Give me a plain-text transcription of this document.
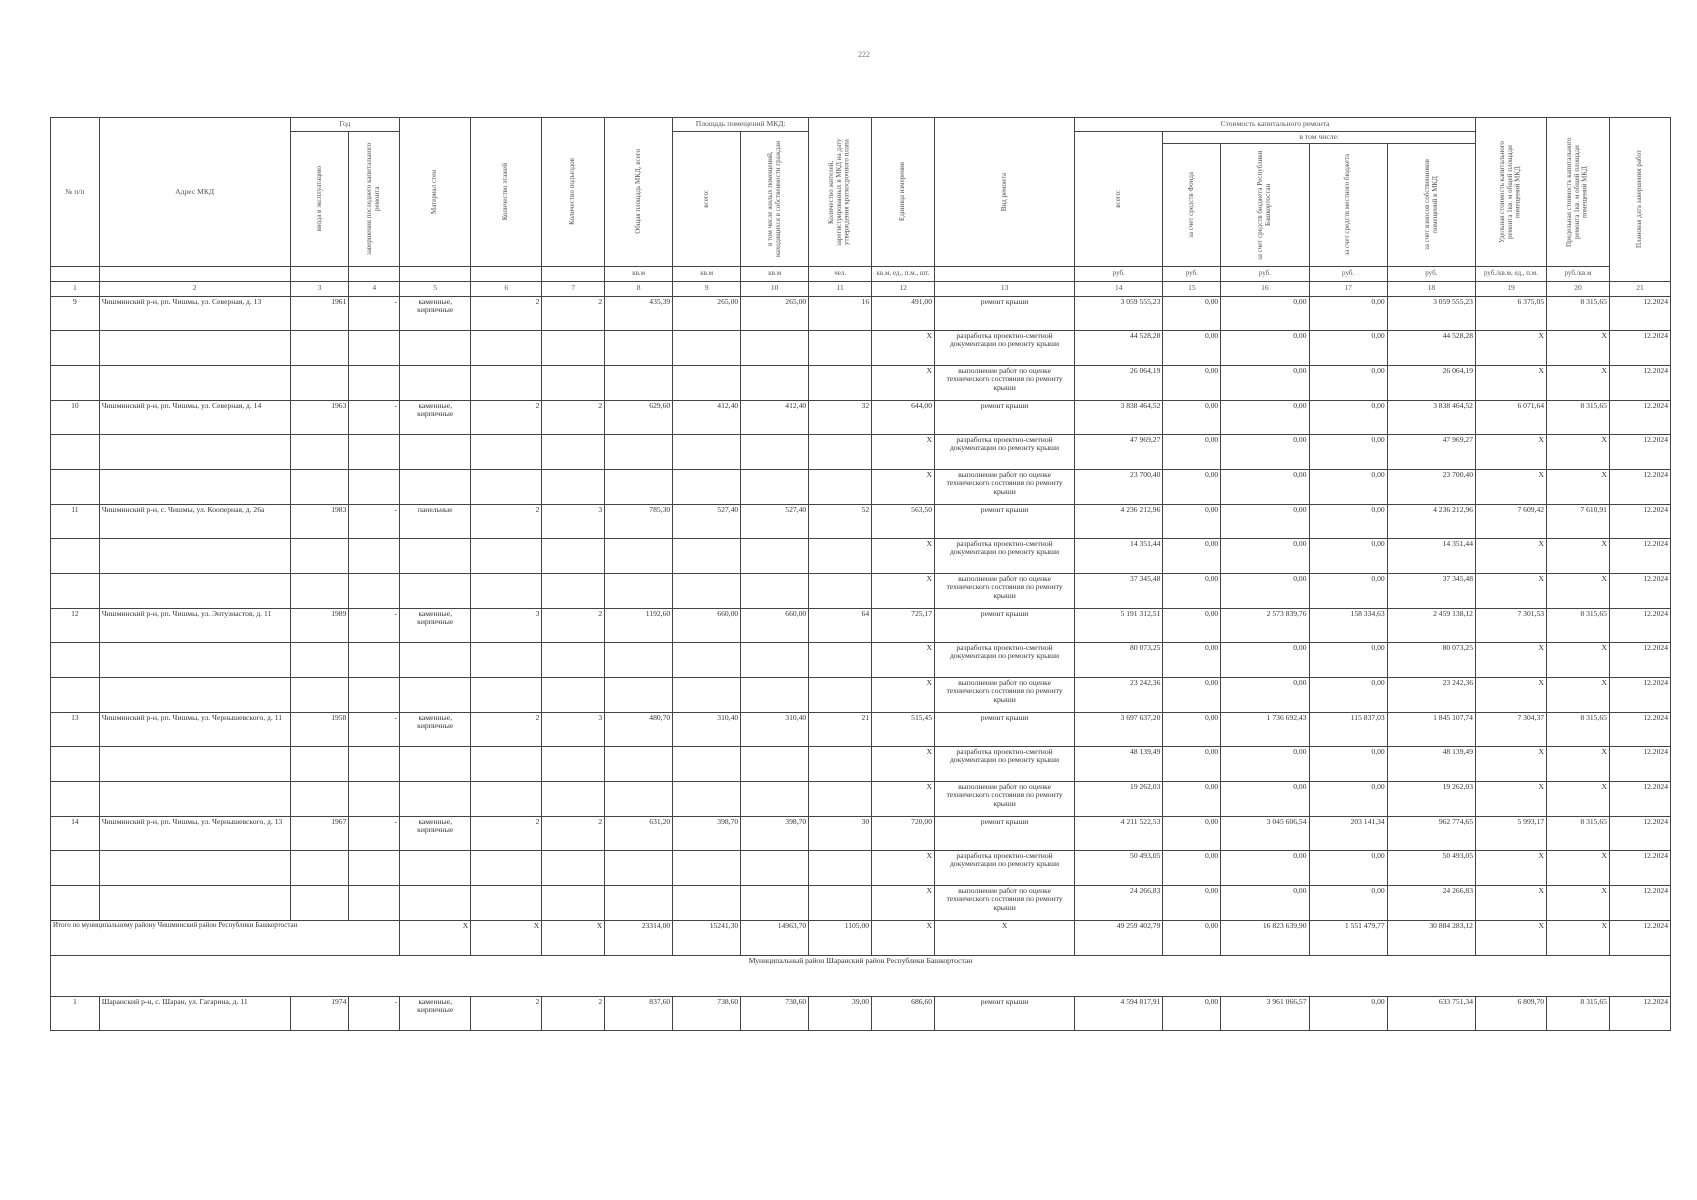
222
№ п/п	Адрес МКД	Год		Материал стен	Количество этажей	Количество подъездов	Общая площадь МКД, всего	Площадь помещений МКД:		Количество жителей, зарегистрированных в МКД на дату утверждения краткосрочного плана	Единица измерения	Вид ремонта	Стоимость капитального ремонта					Удельная стоимость капитального ремонта 1кв. м общей площади помещений МКД	Предельная стоимость капитального ремонта 1кв. м общей площади помещений МКД	Плановая дата завершения работ

		ввода в эксплуатацию	завершения последнего капитального ремонта					всего:	в том числе жилых помещений, находящихся в собственности граждан				всего:	в том числе:						

														за счет средств Фонда	за счет средств бюджета Республики Башкортостан	за счет средств местного бюджета	за счет взносов собственников помещений в МКД			

							кв.м	кв.м	кв.м	чел.	кв.м, ед., п.м., шт.		руб.	руб.	руб.	руб.	руб.	руб./кв.м, ед., п.м.	руб./кв.м	
1	2	3	4	5	6	7	8	9	10	11	12	13	14	15	16	17	18	19	20	21
9	Чишминский р-н, рп. Чишмы, ул. Северная, д. 13	1961	-	каменные, кирпичные	2	2	435,39	265,00	265,00	16	491,00	ремонт крыши	3 059 555,23	0,00	0,00	0,00	3 059 555,23	6 375,05	8 315,65	12.2024
											X	разработка проектно-сметной документации по ремонту крыши	44 528,28	0,00	0,00	0,00	44 528,28	X	X	12.2024
											X	выполнение работ по оценке технического состояния по ремонту крыши	26 064,19	0,00	0,00	0,00	26 064,19	X	X	12.2024
10	Чишминский р-н, рп. Чишмы, ул. Северная, д. 14	1963	-	каменные, кирпичные	2	2	629,60	412,40	412,40	32	644,00	ремонт крыши	3 838 464,52	0,00	0,00	0,00	3 838 464,52	6 071,64	8 315,65	12.2024
											X	разработка проектно-сметной документации по ремонту крыши	47 969,27	0,00	0,00	0,00	47 969,27	X	X	12.2024
											X	выполнение работ по оценке технического состояния по ремонту крыши	23 700,40	0,00	0,00	0,00	23 700,40	X	X	12.2024
11	Чишминский р-н, с. Чишмы, ул. Кооперная, д. 26а	1983	-	панельные	2	3	785,30	527,40	527,40	52	563,50	ремонт крыши	4 236 212,96	0,00	0,00	0,00	4 236 212,96	7 609,42	7 610,91	12.2024
											X	разработка проектно-сметной документации по ремонту крыши	14 351,44	0,00	0,00	0,00	14 351,44	X	X	12.2024
											X	выполнение работ по оценке технического состояния по ремонту крыши	37 345,48	0,00	0,00	0,00	37 345,48	X	X	12.2024
12	Чишминский р-н, рп. Чишмы, ул. Энтузиастов, д. 11	1989	-	каменные, кирпичные	3	2	1192,60	660,00	660,00	64	725,17	ремонт крыши	5 191 312,51	0,00	2 573 839,76	158 334,63	2 459 138,12	7 301,53	8 315,65	12.2024
											X	разработка проектно-сметной документации по ремонту крыши	80 073,25	0,00	0,00	0,00	80 073,25	X	X	12.2024
											X	выполнение работ по оценке технического состояния по ремонту крыши	23 242,36	0,00	0,00	0,00	23 242,36	X	X	12.2024
13	Чишминский р-н, рп. Чишмы, ул. Чернышевского, д. 11	1958	-	каменные, кирпичные	2	3	480,70	310,40	310,40	21	515,45	ремонт крыши	3 697 637,20	0,00	1 736 692,43	115 837,03	1 845 107,74	7 304,37	8 315,65	12.2024
											X	разработка проектно-сметной документации по ремонту крыши	48 139,49	0,00	0,00	0,00	48 139,49	X	X	12.2024
											X	выполнение работ по оценке технического состояния по ремонту крыши	19 262,03	0,00	0,00	0,00	19 262,03	X	X	12.2024
14	Чишминский р-н, рп. Чишмы, ул. Чернышевского, д. 13	1967	-	каменные, кирпичные	2	2	631,20	398,70	398,70	30	720,00	ремонт крыши	4 211 522,53	0,00	3 045 606,54	203 141,34	962 774,65	5 993,17	8 315,65	12.2024
											X	разработка проектно-сметной документации по ремонту крыши	50 493,05	0,00	0,00	0,00	50 493,05	X	X	12.2024
											X	выполнение работ по оценке технического состояния по ремонту крыши	24 266,83	0,00	0,00	0,00	24 266,83	X	X	12.2024
Итого по муниципальному району Чишминский район Республики Башкортостан				X	X	X	23314,00	15241,30	14963,70	1105,00	X	X	49 259 402,79	0,00	16 823 639,90	1 551 479,77	30 884 283,12	X	X	12.2024
Муниципальный район Шаранский район Республики Башкортостан																				
1	Шаранский р-н, с. Шаран, ул. Гагарина, д. 11	1974	-	каменные, кирпичные	2	2	837,60	738,60	738,60	39,00	686,60	ремонт крыши	4 594 817,91	0,00	3 961 066,57	0,00	633 751,34	6 809,70	8 315,65	12.2024
